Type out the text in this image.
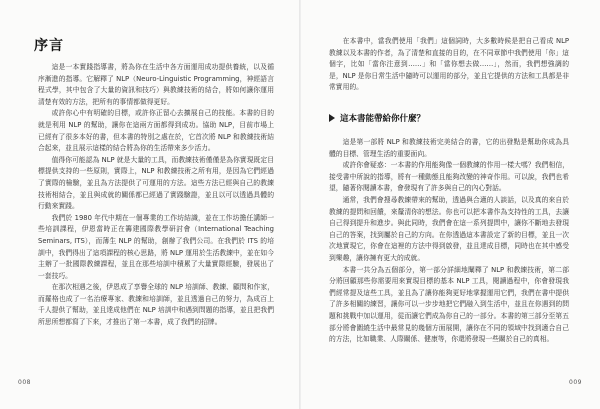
序言

這是一本實踐指導書，將為你在生活中各方面運用成功提供養統，以及循序漸進的指導。它解釋了 NLP（Neuro-Linguistic Programming，神經語言程式學，其中包含了大量的資訊和技巧）與教練技術的結合，將如何讓你運用清楚有效的方法，把所有的事情都做得更好。

或許你心中有明確的目標，或許你正留心去擴展自己的技能。本書的目的就是利用 NLP 的幫助，讓你在這兩方面都得到成功。協助 NLP，目前市場上已經有了很多本好的書，但本書的特別之處在於，它首次將 NLP 和教練技術結合起來，並且展示這樣的結合將為你的生活帶來多少活力。

值得你可能認為 NLP 就是大量的工具，而教練技術僅僅是為你實現既定目標提供支持的一些原則，實際上，NLP 和教練技術之所有用，是因為它們經過了實際的檢驗，並且為方法提供了可運用的方法。這些方法已經與自己的教練技術相結合，並且與成就的關係都已經過了實踐驗證，並且以可以透過具體的行動來實踐。

我們於 1980 年代中期在一個專業的工作坊結識，並在工作坊擔任講師一些培訓課程，伊恩當時正在籌建國際教學研討會（International Teaching Seminars, ITS），而薄生 NLP 的幫助，創辦了我們公司。在我們於 ITS 的培訓中，我們得出了這項課程的核心思路，將 NLP 運用於生活教練中，並在如今主辦了一批國際教練課程，並且在那些培訓中積累了大量實際經驗，發展出了一套技巧。

在那次相遇之後，伊恩成了享譽全球的 NLP 培訓師、教練、顧問和作家，而羅格也成了一名治療專家、教練和培訓師，並且透過自己的努力，為成百上千人提供了幫助，並且達成他們在 NLP 培訓中和遇到問題的指導，並且把我們所思所想都寫了下來，才推出了第一本書，成了我們的招牌。

008

在本書中，當我們使用「我們」這個詞時，大多數時候是把自己看成 NLP 教練以及本書的作者，為了清楚和直接的目的，在不同章節中我們使用「你」這個字，比如「當你注意到……」和「當你想去做……」，然而，我們想強調的是，NLP 是你日常生活中隨時可以運用的部分，並且它提供的方法和工具都是非常實用的。

這本書能帶給你什麼？

這是第一部將 NLP 和教練技術完美結合的書，它的出發點是幫助你成為具體的目標、管理生活的重要面向。

或許你會疑惑：一本書的作用能夠像一個教練的作用一樣大嗎？我們相信，接受書中所說的指導，將有一種動態且能夠改變的神奇作用。可以說，我們也希望，隨著你閱讀本書，會發現有了許多與自己的內心對話。

通常，我們會搜尋教練帶來的幫助，透過與合適的人談話，以及真的來自於教練的提問和回饋，來釐清你的想法。你也可以把本書作為支持性的工具，去讓自己得到提升和進步。與此同時，我們會在這一系列提問中，讓你不斷地去發現自己的答案，找到屬於自己的方向。在你透過這本書設定了新的目標，並且一次次地實現它，你會在這裡的方法中得到啟發，並且達成目標，同時也在其中感受到樂趣，讓你擁有更大的成就。

本書一共分為五個部分，第一部分詳細地闡釋了 NLP 和教練技術，第二部分將回顧那些你需要用來實現目標的基本 NLP 工具，閱讀過程中，你會發現我們經常提及這些工具，並且為了讓你能夠更好地掌握運用它們，我們在書中提供了許多相關的練習，讓你可以一步步地把它們融入到生活中，並且在你遇到的問題和挑戰中加以運用，從而讓它們成為你自己的一部分。本書的第三部分至第五部分將會圍繞生活中最常見的幾個方面展開，讓你在不同的領域中找到適合自己的方法，比如職業、人際關係、健康等，你還將發現一些關於自己的真相。

009
